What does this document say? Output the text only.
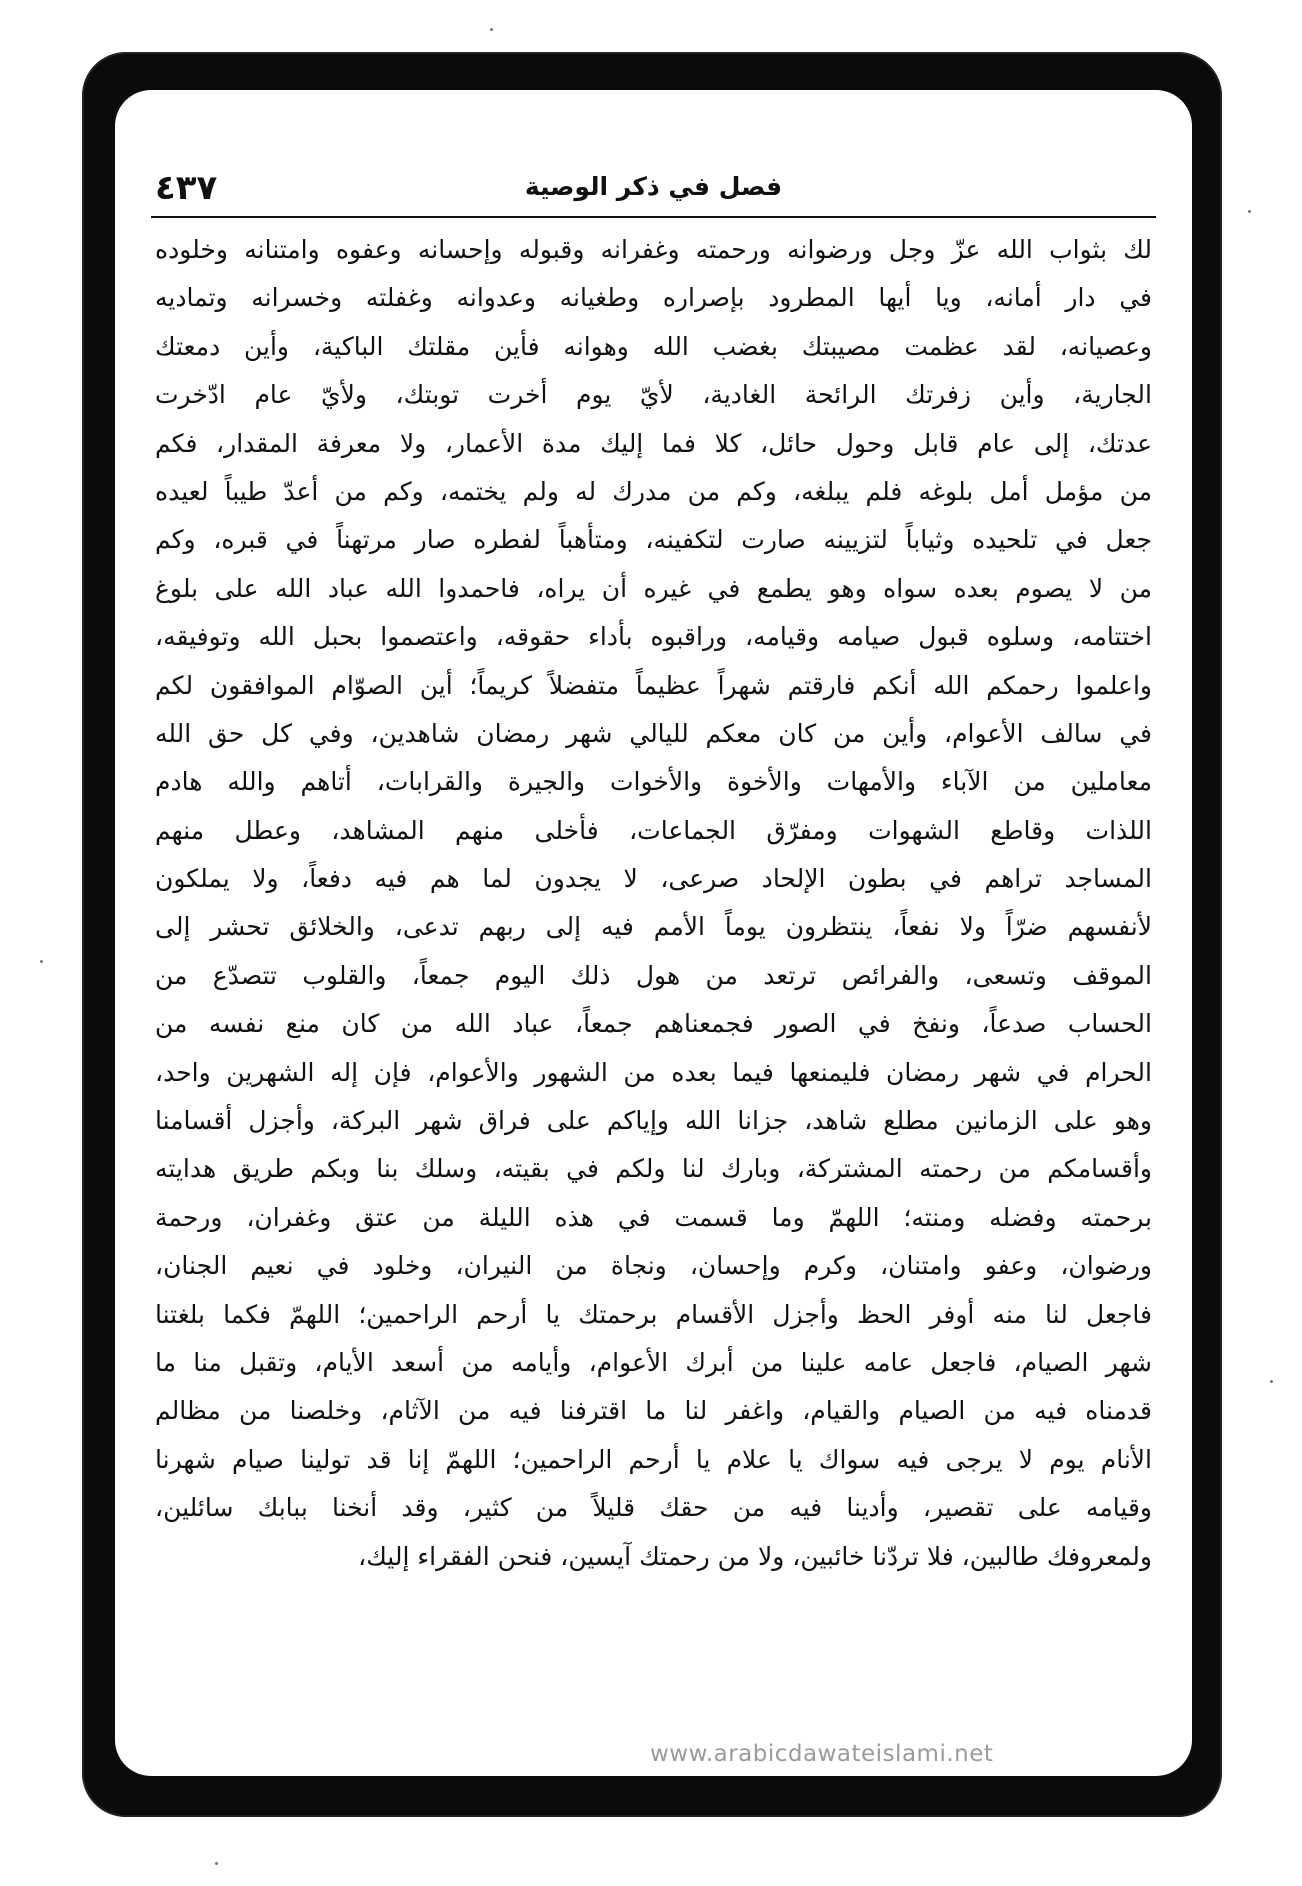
فصل في ذكر الوصية
٤٣٧
لك بثواب الله عزّ وجل ورضوانه ورحمته وغفرانه وقبوله وإحسانه وعفوه وامتنانه وخلوده
في دار أمانه، ويا أيها المطرود بإصراره وطغيانه وعدوانه وغفلته وخسرانه وتماديه
وعصيانه، لقد عظمت مصيبتك بغضب الله وهوانه فأين مقلتك الباكية، وأين دمعتك
الجارية، وأين زفرتك الرائحة الغادية، لأيّ يوم أخرت توبتك، ولأيّ عام ادّخرت
عدتك، إلى عام قابل وحول حائل، كلا فما إليك مدة الأعمار، ولا معرفة المقدار، فكم
من مؤمل أمل بلوغه فلم يبلغه، وكم من مدرك له ولم يختمه، وكم من أعدّ طيباً لعيده
جعل في تلحيده وثياباً لتزيينه صارت لتكفينه، ومتأهباً لفطره صار مرتهناً في قبره، وكم
من لا يصوم بعده سواه وهو يطمع في غيره أن يراه، فاحمدوا الله عباد الله على بلوغ
اختتامه، وسلوه قبول صيامه وقيامه، وراقبوه بأداء حقوقه، واعتصموا بحبل الله وتوفيقه،
واعلموا رحمكم الله أنكم فارقتم شهراً عظيماً متفضلاً كريماً؛ أين الصوّام الموافقون لكم
في سالف الأعوام، وأين من كان معكم لليالي شهر رمضان شاهدين، وفي كل حق الله
معاملين من الآباء والأمهات والأخوة والأخوات والجيرة والقرابات، أتاهم والله هادم
اللذات وقاطع الشهوات ومفرّق الجماعات، فأخلى منهم المشاهد، وعطل منهم
المساجد تراهم في بطون الإلحاد صرعى، لا يجدون لما هم فيه دفعاً، ولا يملكون
لأنفسهم ضرّاً ولا نفعاً، ينتظرون يوماً الأمم فيه إلى ربهم تدعى، والخلائق تحشر إلى
الموقف وتسعى، والفرائص ترتعد من هول ذلك اليوم جمعاً، والقلوب تتصدّع من
الحساب صدعاً، ونفخ في الصور فجمعناهم جمعاً، عباد الله من كان منع نفسه من
الحرام في شهر رمضان فليمنعها فيما بعده من الشهور والأعوام، فإن إله الشهرين واحد،
وهو على الزمانين مطلع شاهد، جزانا الله وإياكم على فراق شهر البركة، وأجزل أقسامنا
وأقسامكم من رحمته المشتركة، وبارك لنا ولكم في بقيته، وسلك بنا وبكم طريق هدايته
برحمته وفضله ومنته؛ اللهمّ وما قسمت في هذه الليلة من عتق وغفران، ورحمة
ورضوان، وعفو وامتنان، وكرم وإحسان، ونجاة من النيران، وخلود في نعيم الجنان،
فاجعل لنا منه أوفر الحظ وأجزل الأقسام برحمتك يا أرحم الراحمين؛ اللهمّ فكما بلغتنا
شهر الصيام، فاجعل عامه علينا من أبرك الأعوام، وأيامه من أسعد الأيام، وتقبل منا ما
قدمناه فيه من الصيام والقيام، واغفر لنا ما اقترفنا فيه من الآثام، وخلصنا من مظالم
الأنام يوم لا يرجى فيه سواك يا علام يا أرحم الراحمين؛ اللهمّ إنا قد تولينا صيام شهرنا
وقيامه على تقصير، وأدينا فيه من حقك قليلاً من كثير، وقد أنخنا ببابك سائلين،
ولمعروفك طالبين، فلا تردّنا خائبين، ولا من رحمتك آيسين، فنحن الفقراء إليك،
www.arabicdawateislami.net
